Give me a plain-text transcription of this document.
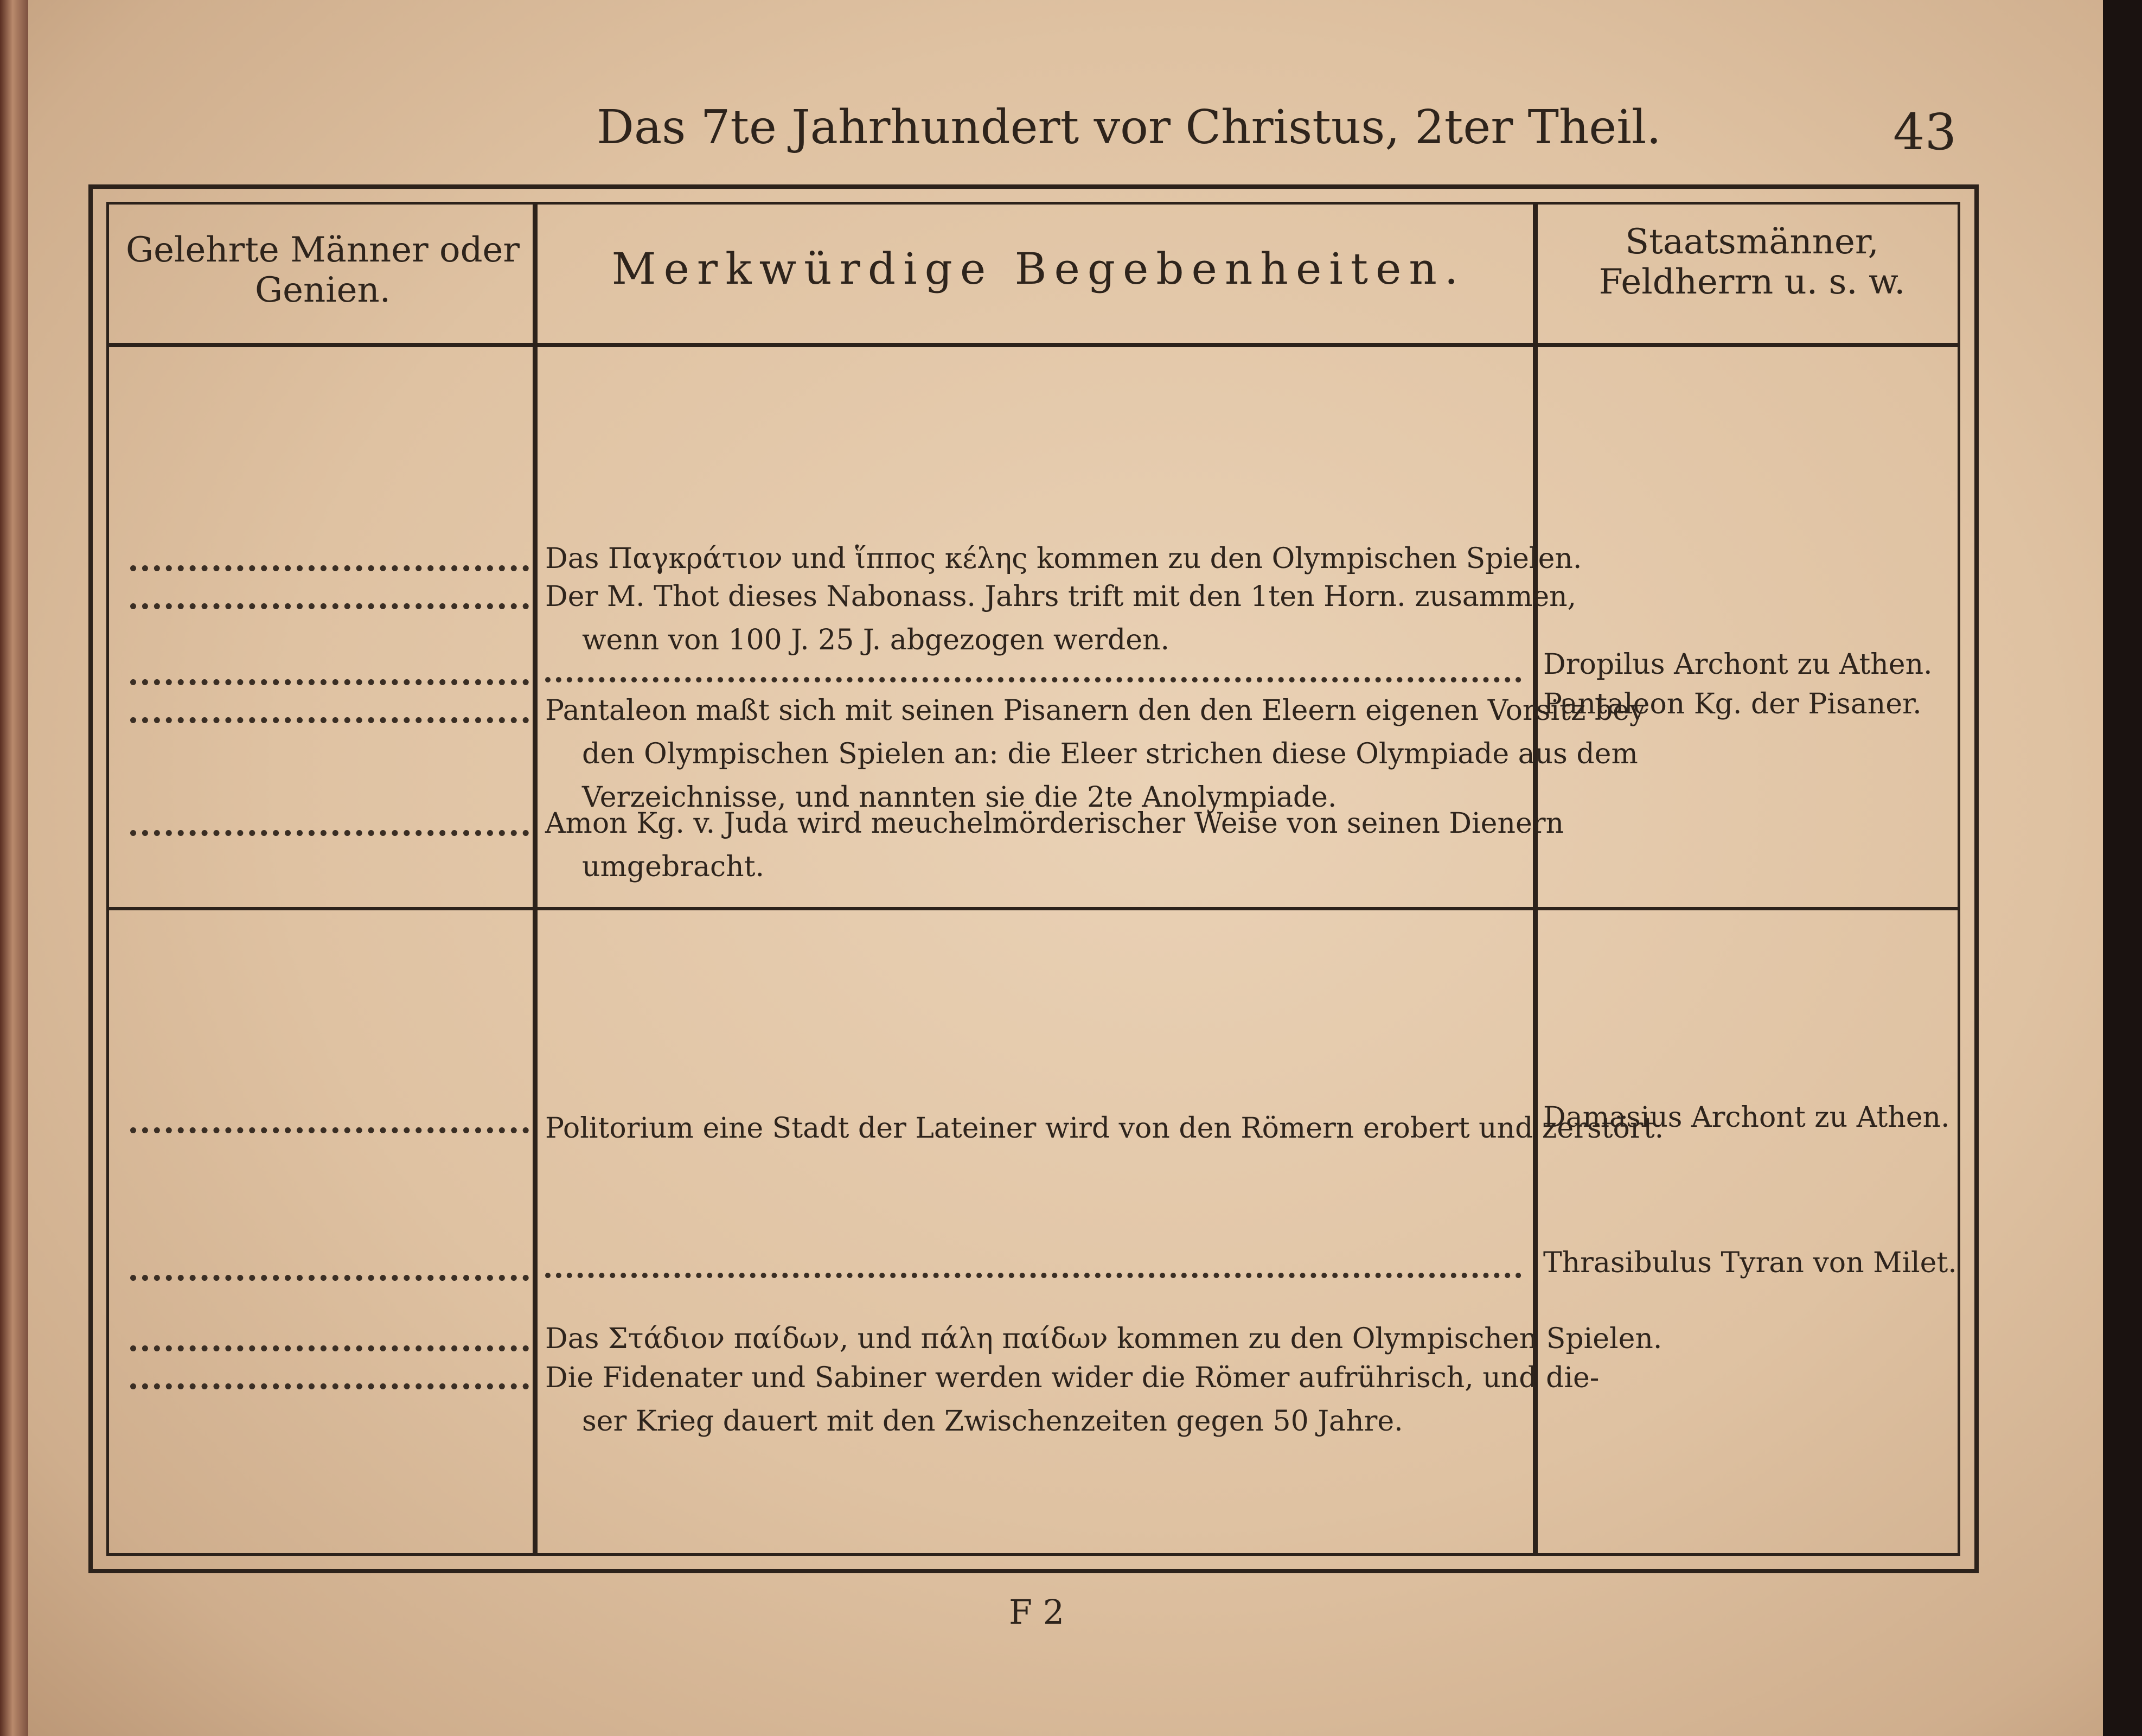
Das 7te Jahrhundert vor Christus, 2ter Theil.	43
Gelehrte Männer oder Genien.	Merkwürdige Begebenheiten.
Staatsmänner, Feldherrn u. s. w.
Das Παγκράτιον und ἵππος κέλης kommen zu den Olympischen Spielen.
Der M. Thot dieses Nabonass. Jahrs trift mit den 1ten Horn. zusammen,
wenn von 100 J. 25 J. abgezogen werden.
Pantaleon maßt sich mit seinen Pisanern den den Eleern eigenen Vorsitz bey
den Olympischen Spielen an: die Eleer strichen diese Olympiade aus dem
Verzeichnisse, und nannten sie die 2te Anolympiade.
Amon Kg. v. Juda wird meuchelmörderischer Weise von seinen Dienern
umgebracht.
Dropilus Archont zu Athen.
Pantaleon Kg. der Pisaner.
Politorium eine Stadt der Lateiner wird von den Römern erobert und zerstört.
Das Στάδιον παίδων, und πάλη παίδων kommen zu den Olympischen Spielen.
Die Fidenater und Sabiner werden wider die Römer aufrührisch, und die-
ser Krieg dauert mit den Zwischenzeiten gegen 50 Jahre.
Damasius Archont zu Athen.
Thrasibulus Tyran von Milet.
F 2
